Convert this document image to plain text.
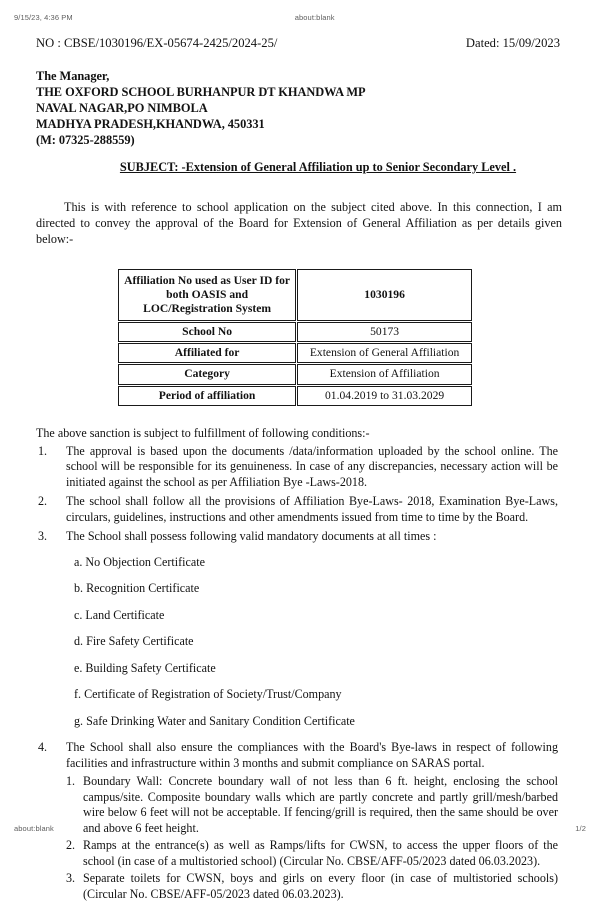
9/15/23, 4:36 PM	about:blank
NO : CBSE/1030196/EX-05674-2425/2024-25/	Dated: 15/09/2023
The Manager,
THE OXFORD SCHOOL BURHANPUR DT KHANDWA MP
NAVAL NAGAR,PO NIMBOLA
MADHYA PRADESH,KHANDWA, 450331
(M: 07325-288559)
SUBJECT: -Extension of General Affiliation up to Senior Secondary Level .

This is with reference to school application on the subject cited above. In this connection, I am directed to convey the approval of the Board for Extension of General Affiliation as per details given below:-

Affiliation No used as User ID for both OASIS and LOC/Registration System	1030196
School No	50173
Affiliated for	Extension of General Affiliation
Category	Extension of Affiliation
Period of affiliation	01.04.2019 to 31.03.2029
The above sanction is subject to fulfillment of following conditions:-
1. The approval is based upon the documents /data/information uploaded by the school online. The school will be responsible for its genuineness. In case of any discrepancies, necessary action will be initiated against the school as per Affiliation Bye -Laws-2018.
2. The school shall follow all the provisions of Affiliation Bye-Laws- 2018, Examination Bye-Laws, circulars, guidelines, instructions and other amendments issued from time to time by the Board.
3. The School shall possess following valid mandatory documents at all times :
a. No Objection Certificate
b. Recognition Certificate
c. Land Certificate
d. Fire Safety Certificate
e. Building Safety Certificate
f. Certificate of Registration of Society/Trust/Company
g. Safe Drinking Water and Sanitary Condition Certificate
4. The School shall also ensure the compliances with the Board's Bye-laws in respect of following facilities and infrastructure within 3 months and submit compliance on SARAS portal.
1. Boundary Wall: Concrete boundary wall of not less than 6 ft. height, enclosing the school campus/site. Composite boundary walls which are partly concrete and partly grill/mesh/barbed wire below 6 feet will not be acceptable. If fencing/grill is required, then the same should be over and above 6 feet height.
2. Ramps at the entrance(s) as well as Ramps/lifts for CWSN, to access the upper floors of the school (in case of a multistoried school) (Circular No. CBSE/AFF-05/2023 dated 06.03.2023).
3. Separate toilets for CWSN, boys and girls on every floor (in case of multistoried schools) (Circular No. CBSE/AFF-05/2023 dated 06.03.2023).
about:blank	1/2
